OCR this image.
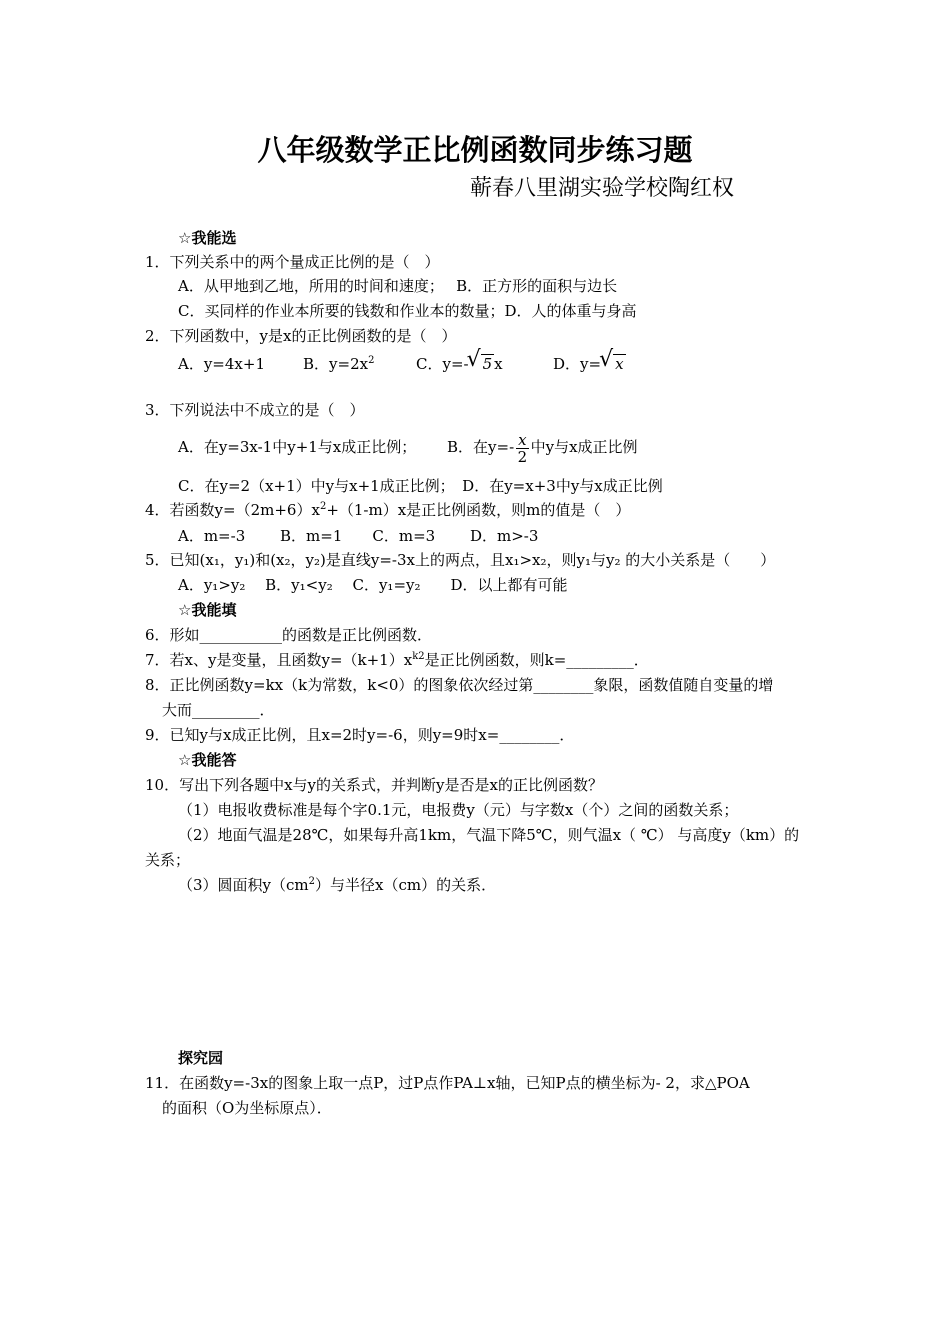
八年级数学正比例函数同步练习题
蕲春八里湖实验学校陶红权
☆我能选
1．下列关系中的两个量成正比例的是（　）
A．从甲地到乙地，所用的时间和速度；　 B．正方形的面积与边长
C．买同样的作业本所要的钱数和作业本的数量；D．人的体重与身高
2．下列函数中，y是x的正比例函数的是（　）
A．y=4x+1	B．$y=2x^2$	C．y=- √ 5 x	D．y= √ x
3．下列说法中不成立的是（　）
A．在y=3x-1中y+1与x成正比例； B．在$y=- \frac{x}{2}$ 中y与x成正比例
C．在y=2（x+1）中y与x+1成正比例；　D．在y=x+3中y与x成正比例
4．若函数$y=(2m+6)x^2+(1-m)x$是正比例函数，则m的值是（　）
A．m=-3　　 B．m=1　　C．m=3　　 D．m>-3
5．已知(x₁，y₁)和(x₂，y₂)是直线y=-3x上的两点，且x₁>x₂，则y₁与y₂ 的大小关系是（　　）
A．y₁>y₂　 B．y₁<y₂　 C．y₁=y₂　　D．以上都有可能
☆我能填
6．形如___________的函数是正比例函数．
7．若x、y是变量，且函数$y=(k+1)x^{k2}$是正比例函数，则k=_________．
8．正比例函数y=kx（k为常数，k<0）的图象依次经过第________象限，函数值随自变量的增
大而_________．
9．已知y与x成正比例，且x=2时y=-6，则y=9时x=________．
☆我能答
10．写出下列各题中x与y的关系式，并判断y是否是x的正比例函数？
（1）电报收费标准是每个字0.1元，电报费y（元）与字数x（个）之间的函数关系；
（2）地面气温是28℃，如果每升高1km，气温下降5℃，则气温x（ ℃） 与高度y（km）的
关系；
（3）圆面积$y(cm^2)$与半径x（cm）的关系．
探究园
11．在函数y=-3x的图象上取一点P，过P点作PA⊥x轴，已知P点的横坐标为- 2，求△POA
的面积（O为坐标原点）．
